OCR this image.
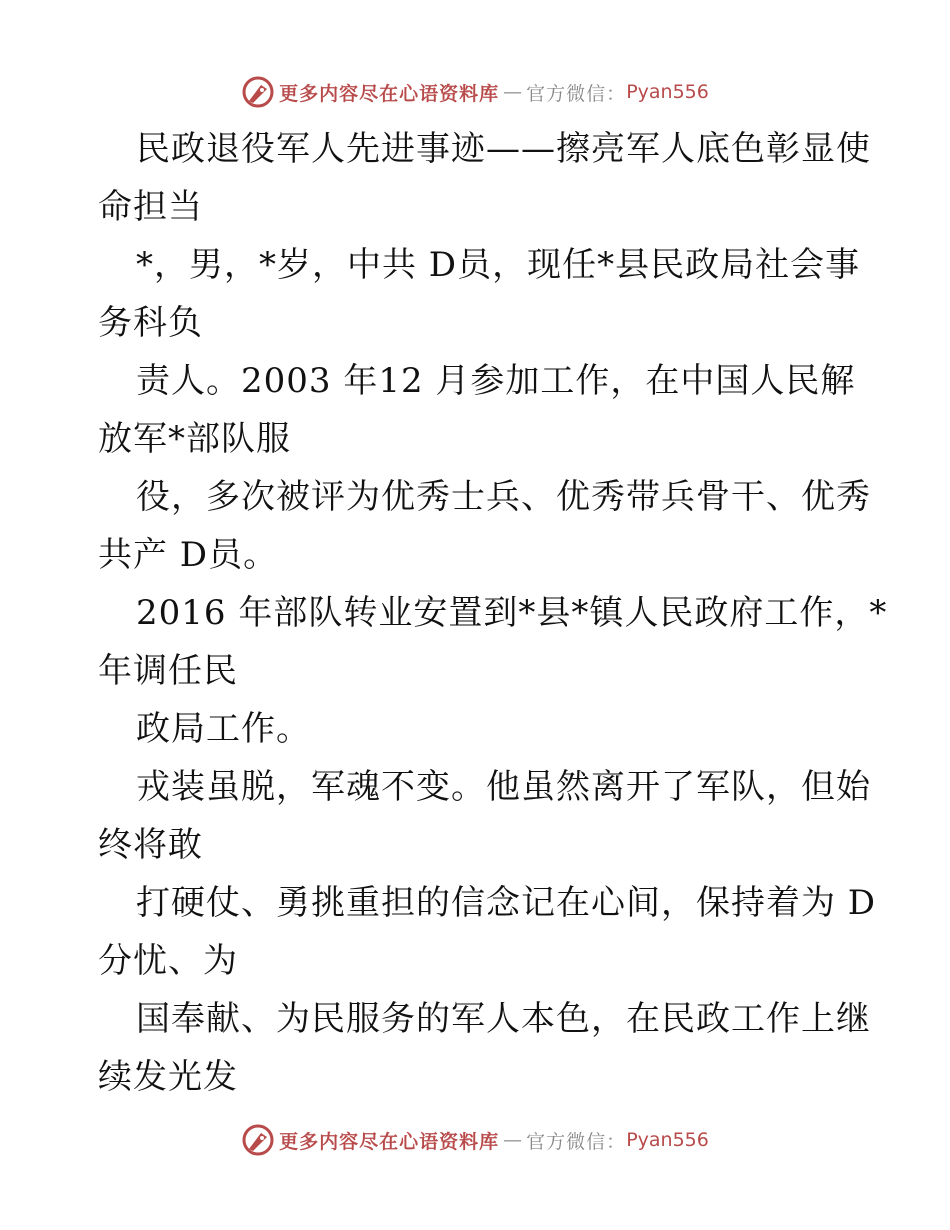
更多内容尽在心语资料库 — 官方微信： Pyan556
民政退役军人先进事迹——擦亮军人底色彰显使
命担当
*，男，*岁，中共 D员，现任*县民政局社会事
务科负
责人。2003 年12 月参加工作，在中国人民解
放军*部队服
役，多次被评为优秀士兵、优秀带兵骨干、优秀
共产 D员。
2016 年部队转业安置到*县*镇人民政府工作，*
年调任民
政局工作。
戎装虽脱，军魂不变。他虽然离开了军队，但始
终将敢
打硬仗、勇挑重担的信念记在心间，保持着为 D
分忧、为
国奉献、为民服务的军人本色，在民政工作上继
续发光发
更多内容尽在心语资料库 — 官方微信： Pyan556
